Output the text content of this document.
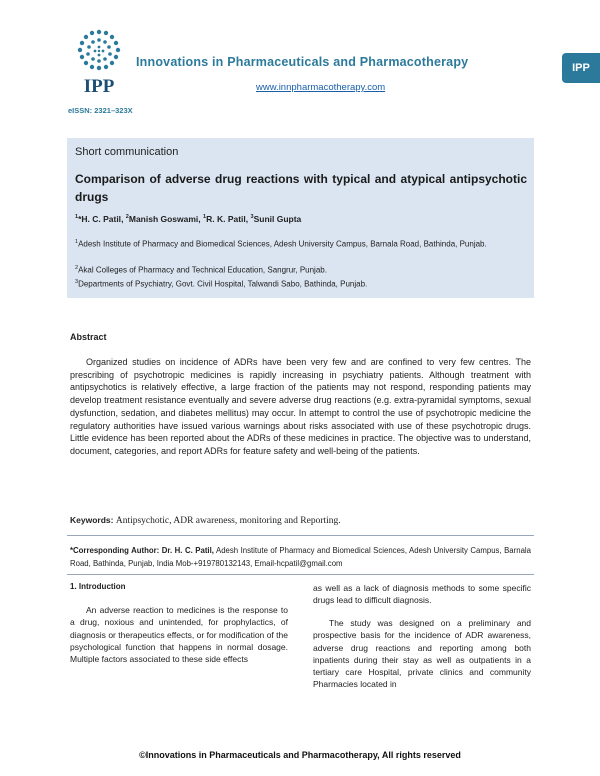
IPP
Innovations in Pharmaceuticals and Pharmacotherapy
www.innpharmacotherapy.com
IPP
eISSN: 2321–323X
Short communication
Comparison of adverse drug reactions with typical and atypical antipsychotic drugs
$^1$*H. C. Patil, $^2$Manish Goswami, $^1$R. K. Patil, $^3$Sunil Gupta
$^1$Adesh Institute of Pharmacy and Biomedical Sciences, Adesh University Campus, Barnala Road, Bathinda, Punjab.
$^2$Akal Colleges of Pharmacy and Technical Education, Sangrur, Punjab.
$^3$Departments of Psychiatry, Govt. Civil Hospital, Talwandi Sabo, Bathinda, Punjab.
Abstract
Organized studies on incidence of ADRs have been very few and are confined to very few centres. The prescribing of psychotropic medicines is rapidly increasing in psychiatry patients. Although treatment with antipsychotics is relatively effective, a large fraction of the patients may not respond, responding patients may develop treatment resistance eventually and severe adverse drug reactions (e.g. extra-pyramidal symptoms, sexual dysfunction, sedation, and diabetes mellitus) may occur. In attempt to control the use of psychotropic medicine the regulatory authorities have issued various warnings about risks associated with use of these psychotropic drugs. Little evidence has been reported about the ADRs of these medicines in practice. The objective was to understand, document, categories, and report ADRs for feature safety and well-being of the patients.
Keywords: Antipsychotic, ADR awareness, monitoring and Reporting.
*Corresponding Author: Dr. H. C. Patil, Adesh Institute of Pharmacy and Biomedical Sciences, Adesh University Campus, Barnala Road, Bathinda, Punjab, India Mob-+919780132143, Email-hcpatil@gmail.com
1. Introduction
An adverse reaction to medicines is the response to a drug, noxious and unintended, for prophylactics, of diagnosis or therapeutics effects, or for modification of the psychological function that happens in normal dosage. Multiple factors associated to these side effects
as well as a lack of diagnosis methods to some specific drugs lead to difficult diagnosis.
The study was designed on a preliminary and prospective basis for the incidence of ADR awareness, adverse drug reactions and reporting among both inpatients during their stay as well as outpatients in a tertiary care Hospital, private clinics and community Pharmacies located in
©Innovations in Pharmaceuticals and Pharmacotherapy, All rights reserved
